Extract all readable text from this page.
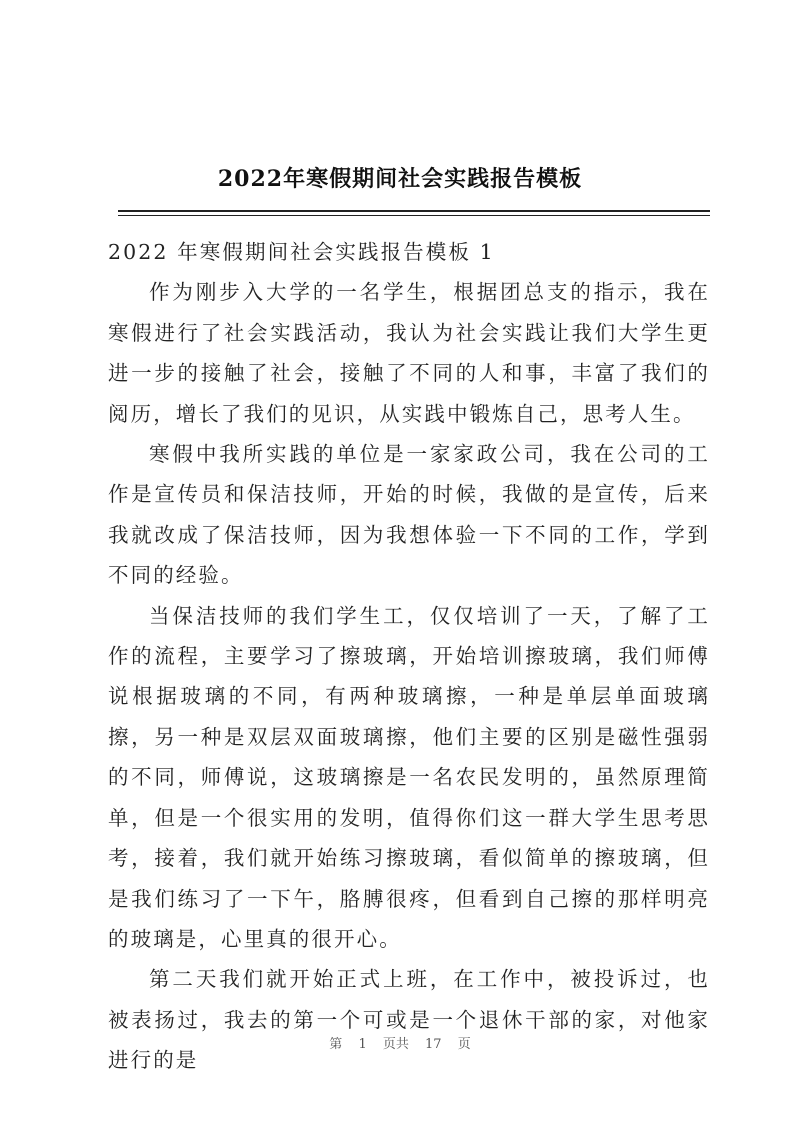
2022年寒假期间社会实践报告模板

2022 年寒假期间社会实践报告模板 1

作为刚步入大学的一名学生，根据团总支的指示，我在寒假进行了社会实践活动，我认为社会实践让我们大学生更进一步的接触了社会，接触了不同的人和事，丰富了我们的阅历，增长了我们的见识，从实践中锻炼自己，思考人生。

寒假中我所实践的单位是一家家政公司，我在公司的工作是宣传员和保洁技师，开始的时候，我做的是宣传，后来我就改成了保洁技师，因为我想体验一下不同的工作，学到不同的经验。

当保洁技师的我们学生工，仅仅培训了一天，了解了工作的流程，主要学习了擦玻璃，开始培训擦玻璃，我们师傅说根据玻璃的不同，有两种玻璃擦，一种是单层单面玻璃擦，另一种是双层双面玻璃擦，他们主要的区别是磁性强弱的不同，师傅说，这玻璃擦是一名农民发明的，虽然原理简单，但是一个很实用的发明，值得你们这一群大学生思考思考，接着，我们就开始练习擦玻璃，看似简单的擦玻璃，但是我们练习了一下午，胳膊很疼，但看到自己擦的那样明亮的玻璃是，心里真的很开心。

第二天我们就开始正式上班，在工作中，被投诉过，也被表扬过，我去的第一个可或是一个退休干部的家，对他家进行的是

第 1 页共 17 页
